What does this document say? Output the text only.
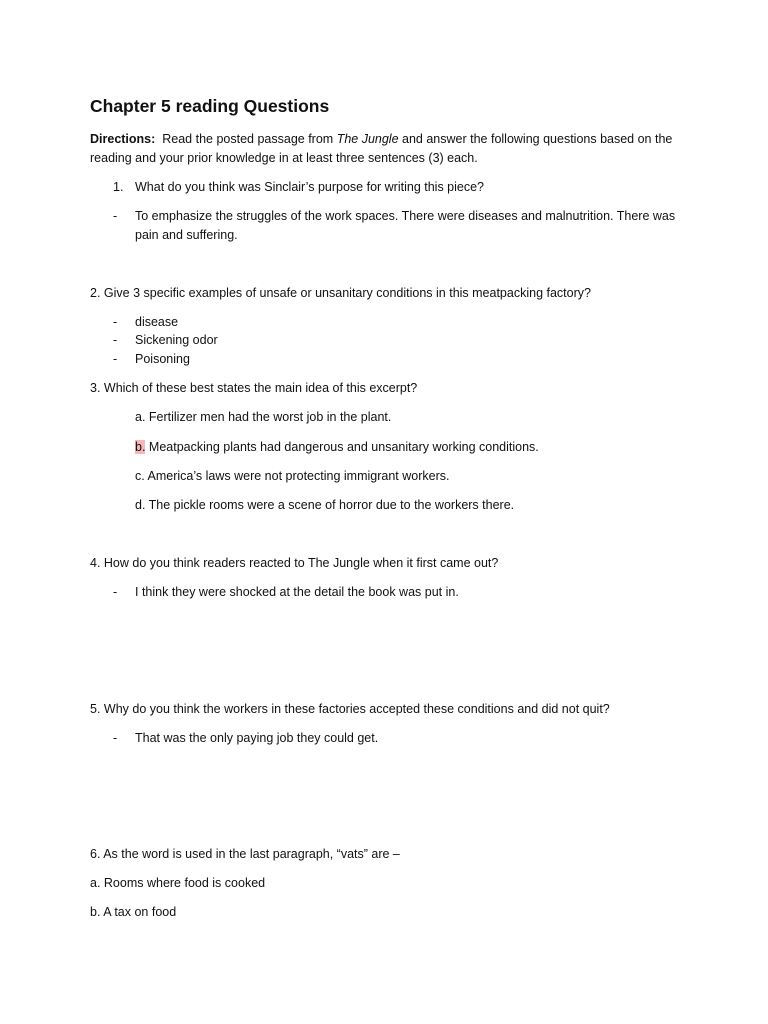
Chapter 5 reading Questions
Directions: Read the posted passage from The Jungle and answer the following questions based on the
reading and your prior knowledge in at least three sentences (3) each.
1. What do you think was Sinclair’s purpose for writing this piece?
- To emphasize the struggles of the work spaces. There were diseases and malnutrition. There was
pain and suffering.
2. Give 3 specific examples of unsafe or unsanitary conditions in this meatpacking factory?
- disease
- Sickening odor
- Poisoning
3. Which of these best states the main idea of this excerpt?
a. Fertilizer men had the worst job in the plant.
b. Meatpacking plants had dangerous and unsanitary working conditions.
c. America’s laws were not protecting immigrant workers.
d. The pickle rooms were a scene of horror due to the workers there.
4. How do you think readers reacted to The Jungle when it first came out?
- I think they were shocked at the detail the book was put in.
5. Why do you think the workers in these factories accepted these conditions and did not quit?
- That was the only paying job they could get.
6. As the word is used in the last paragraph, “vats” are –
a. Rooms where food is cooked
b. A tax on food
